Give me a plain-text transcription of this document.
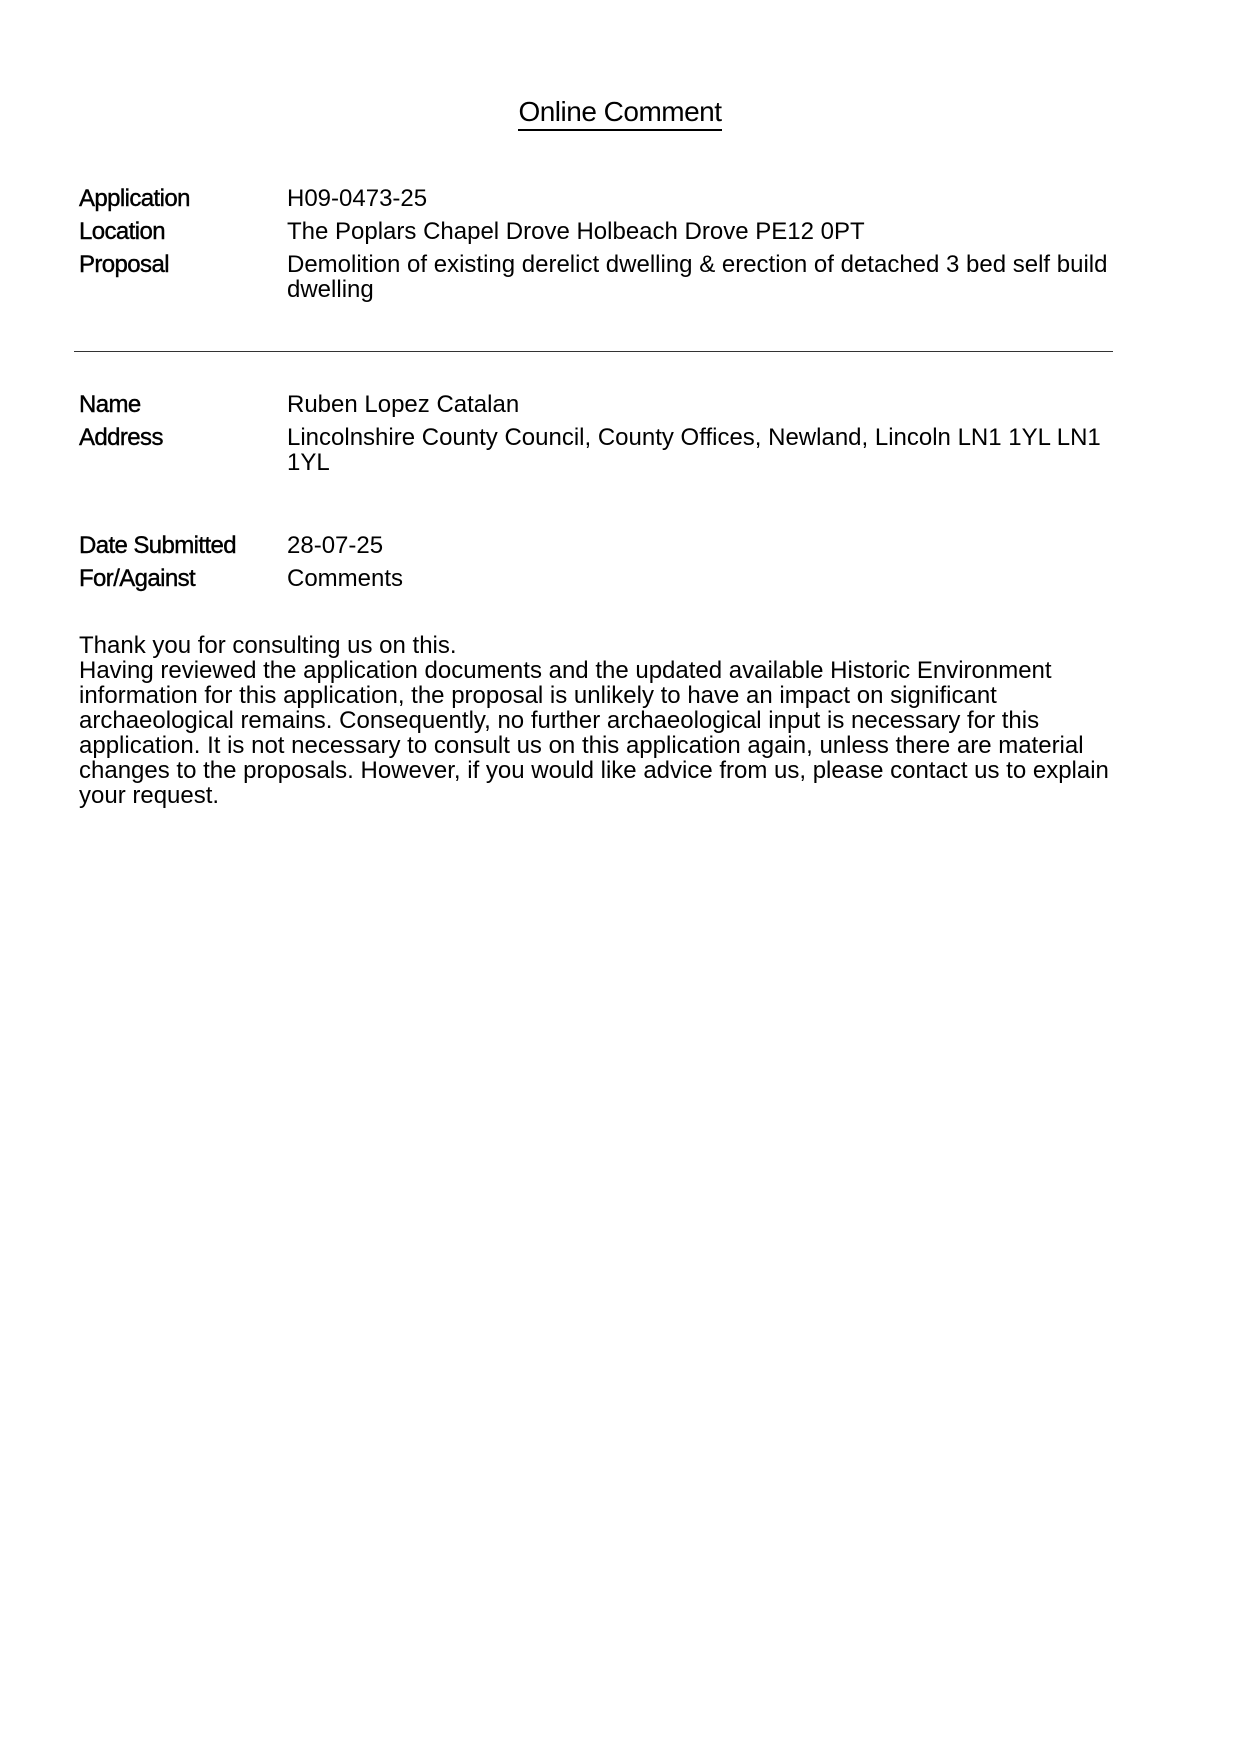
Online Comment
Application	H09-0473-25
Location	The Poplars Chapel Drove Holbeach Drove PE12 0PT
Proposal	Demolition of existing derelict dwelling & erection of detached 3 bed self build dwelling
Name	Ruben Lopez Catalan
Address	Lincolnshire County Council, County Offices, Newland, Lincoln LN1 1YL LN1 1YL
Date Submitted	28-07-25
For/Against	Comments

Thank you for consulting us on this.

Having reviewed the application documents and the updated available Historic Environment information for this application, the proposal is unlikely to have an impact on significant archaeological remains. Consequently, no further archaeological input is necessary for this application. It is not necessary to consult us on this application again, unless there are material changes to the proposals. However, if you would like advice from us, please contact us to explain your request.
